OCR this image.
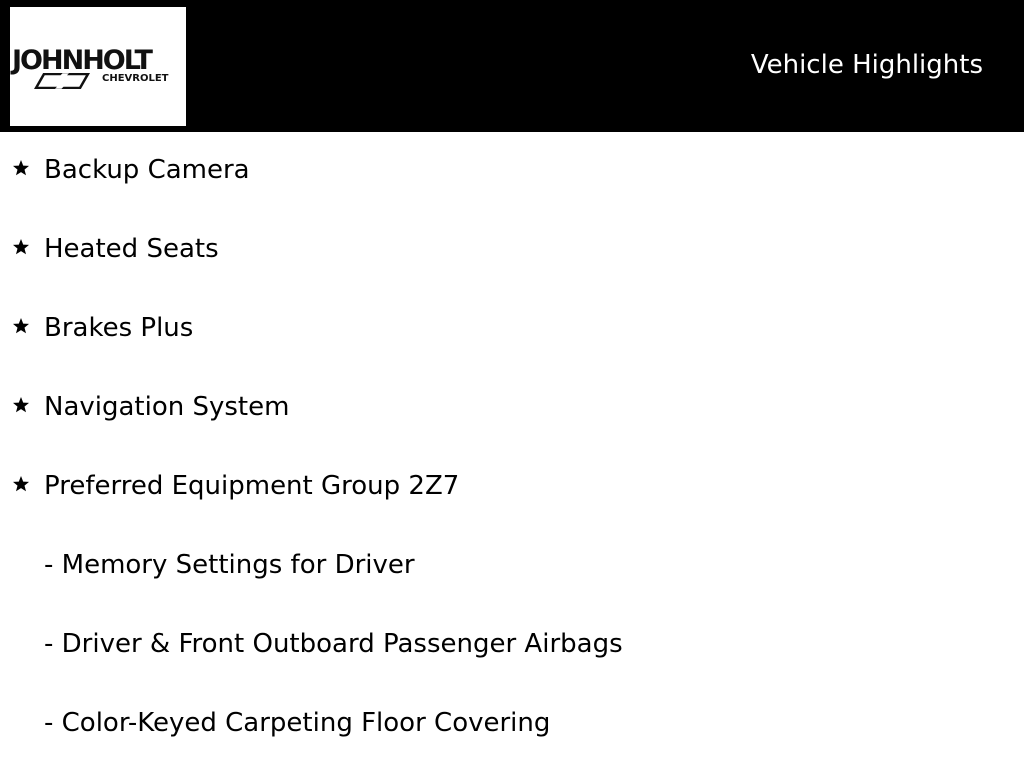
JOHNHOLT
CHEVROLET	Vehicle Highlights
Backup Camera
Heated Seats
Brakes Plus
Navigation System
Preferred Equipment Group 2Z7
- Memory Settings for Driver
- Driver & Front Outboard Passenger Airbags
- Color-Keyed Carpeting Floor Covering
